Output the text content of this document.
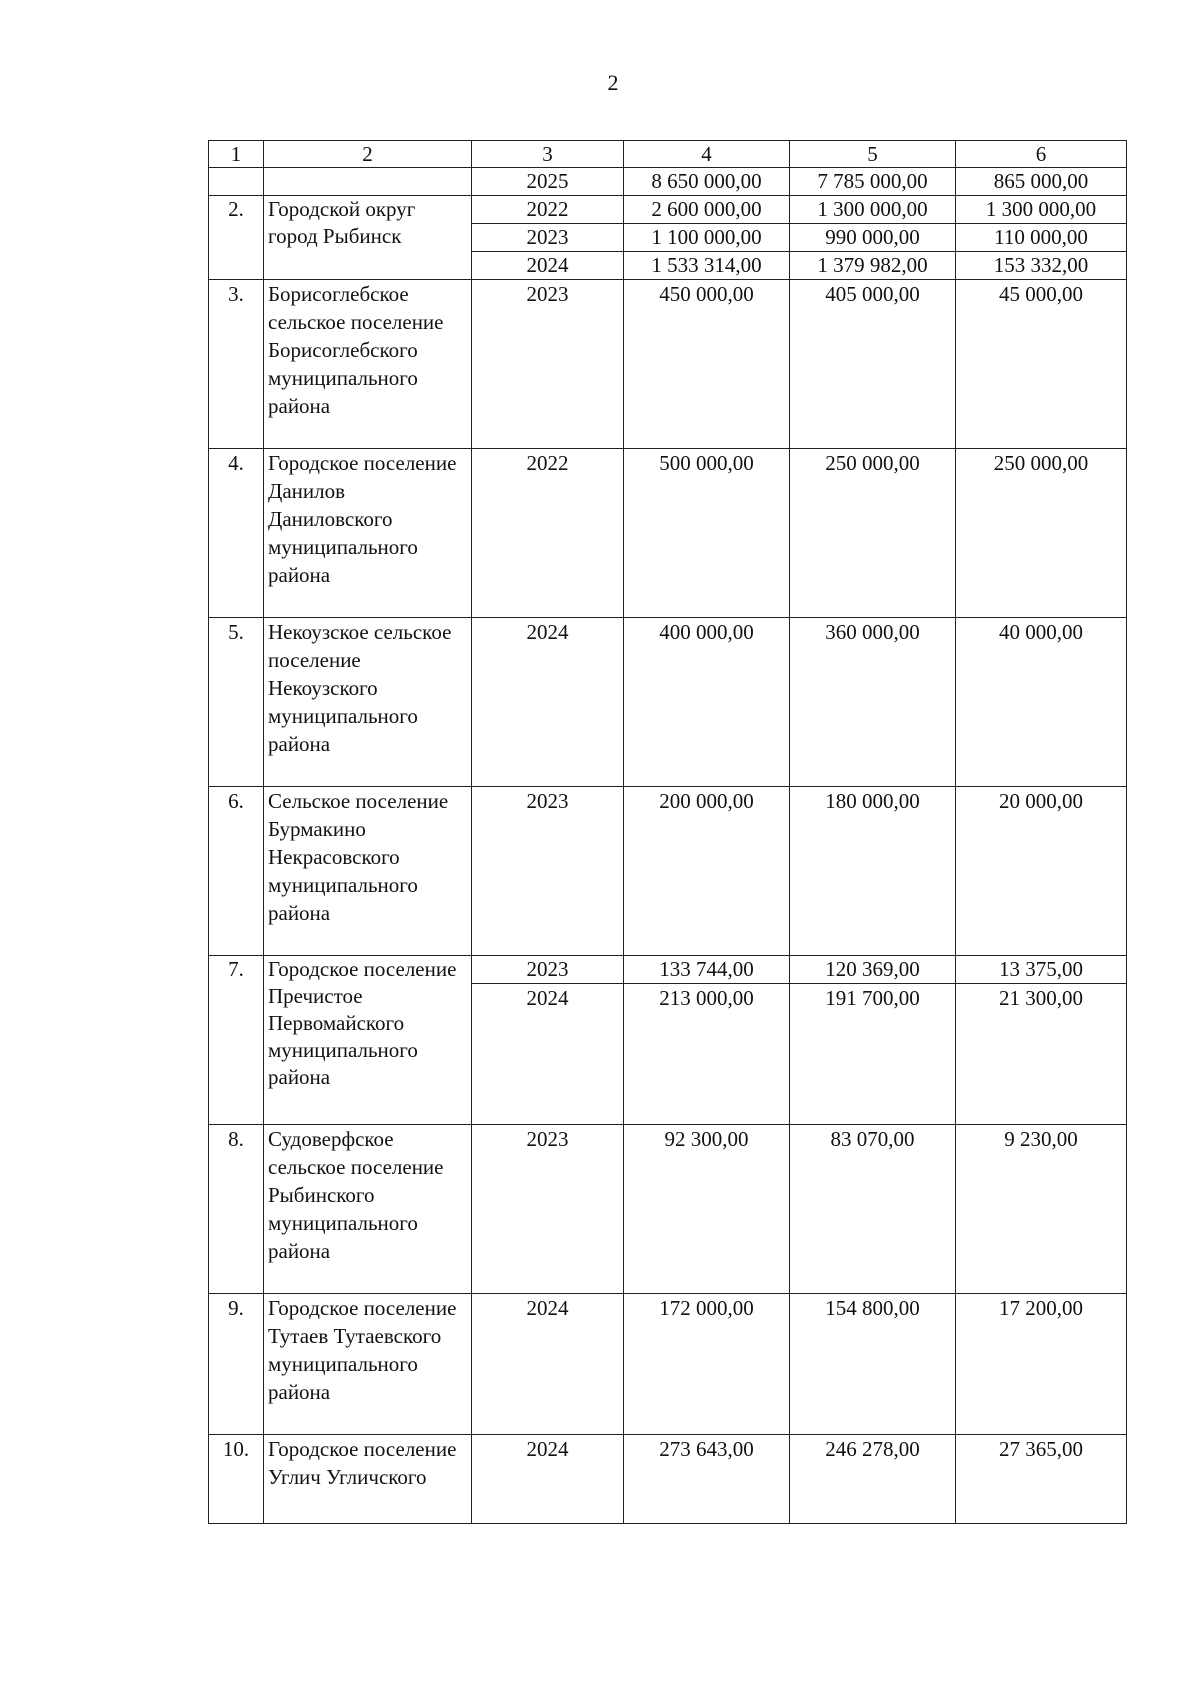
2
1	2	3	4	5	6
		2025	8 650 000,00	7 785 000,00	865 000,00
2.	Городской округ город Рыбинск	2022	2 600 000,00	1 300 000,00	1 300 000,00
		2023	1 100 000,00	990 000,00	110 000,00
		2024	1 533 314,00	1 379 982,00	153 332,00
3.	Борисоглебское сельское поселение Борисоглебского муниципального района	2023	450 000,00	405 000,00	45 000,00
4.	Городское поселение Данилов Даниловского муниципального района	2022	500 000,00	250 000,00	250 000,00
5.	Некоузское сельское поселение Некоузского муниципального района	2024	400 000,00	360 000,00	40 000,00
6.	Сельское поселение Бурмакино Некрасовского муниципального района	2023	200 000,00	180 000,00	20 000,00
7.	Городское поселение Пречистое Первомайского муниципального района	2023	133 744,00	120 369,00	13 375,00
		2024	213 000,00	191 700,00	21 300,00
8.	Судоверфское сельское поселение Рыбинского муниципального района	2023	92 300,00	83 070,00	9 230,00
9.	Городское поселение Тутаев Тутаевского муниципального района	2024	172 000,00	154 800,00	17 200,00
10.	Городское поселение Углич Угличского	2024	273 643,00	246 278,00	27 365,00
